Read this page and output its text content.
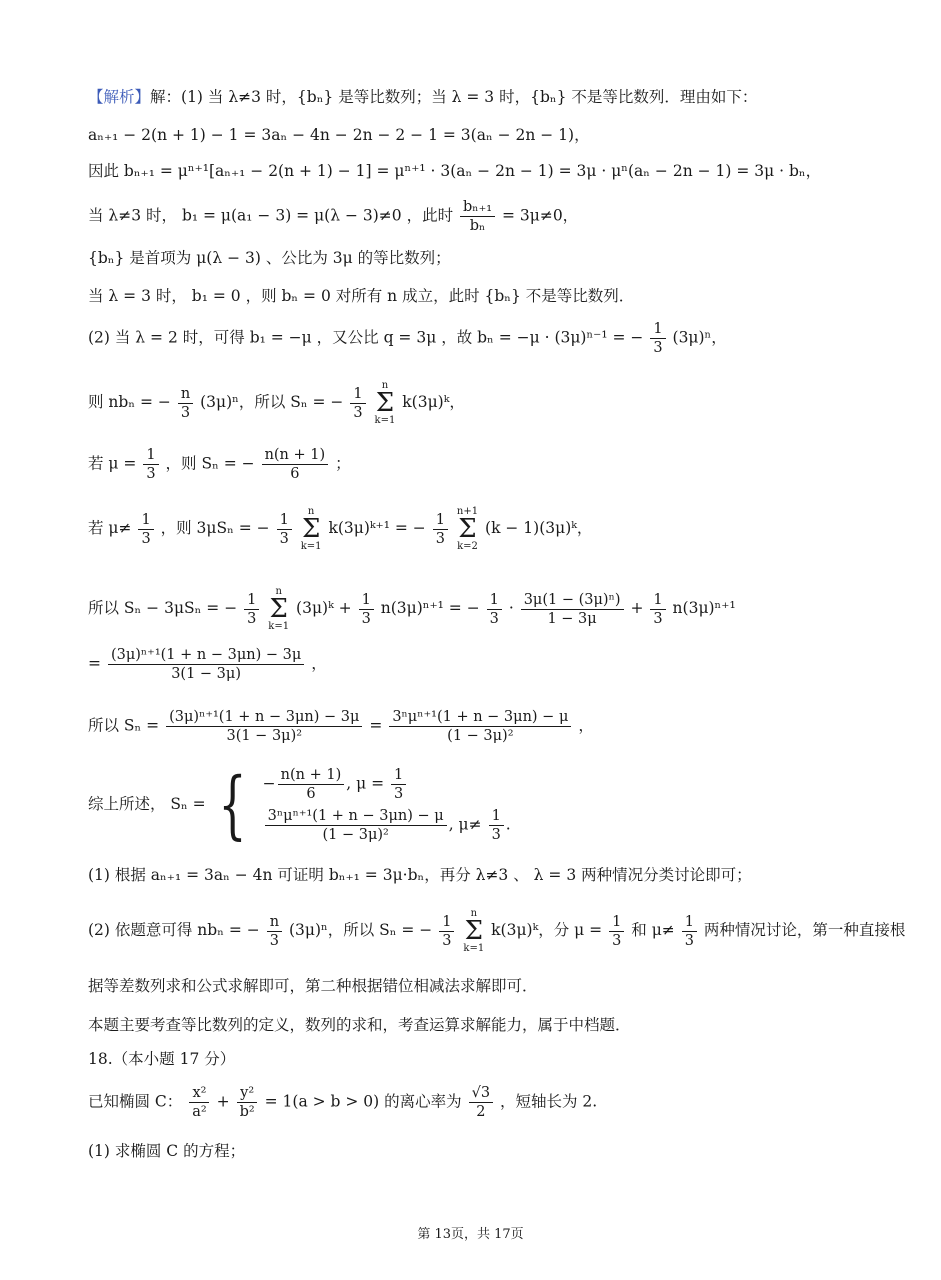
【解析】解：(1) 当 λ≠3 时，{bₙ} 是等比数列；当 λ = 3 时，{bₙ} 不是等比数列．理由如下：
aₙ₊₁ − 2(n + 1) − 1 = 3aₙ − 4n − 2n − 2 − 1 = 3(aₙ − 2n − 1)，
因此 bₙ₊₁ = μⁿ⁺¹[aₙ₊₁ − 2(n + 1) − 1] = μⁿ⁺¹ · 3(aₙ − 2n − 1) = 3μ · μⁿ(aₙ − 2n − 1) = 3μ · bₙ，
当 λ≠3 时， b₁ = μ(a₁ − 3) = μ(λ − 3)≠0 ，此时 $\frac{\text{bₙ₊₁}}{\text{bₙ}} = 3\mu\ne 0$，
{bₙ} 是首项为 μ(λ − 3) 、公比为 3μ 的等比数列；
当 λ = 3 时， b₁ = 0 ，则 bₙ = 0 对所有 n 成立，此时 {bₙ} 不是等比数列．
(2) 当 λ = 2 时，可得 b₁ = −μ ，又公比 q = 3μ ，故 bₙ = −μ · (3μ)ⁿ⁻¹ = − $\frac{1}{3} (3\mu)^n$，
则 nbₙ = − $\frac{n}{3} (3\mu)^n$，所以 Sₙ = − $\frac{1}{3}$
n
Σ
k=1
k(3μ)ᵏ，
若 $\mu = \frac{1}{3}$ ，则 Sₙ = − $\frac{n(n + 1)}{6}$ ；
若 $\mu\ne \frac{1}{3}$ ，则 3μSₙ = − $\frac{1}{3}$
n
Σ
k=1
k(3μ)ᵏ⁺¹ = − $\frac{1}{3}$
n+1
Σ
k=2
(k − 1)(3μ)ᵏ，
所以 Sₙ − 3μSₙ = − $\frac{1}{3}$
n
Σ
k=1
(3μ)ᵏ + $\frac{1}{3} n(3\mu)^{n+1}$ = − $\frac{1}{3} \cdot \frac{\text{3μ(1 − (3μ)ⁿ)}}{1 - 3\mu} + \frac{1}{3} n(3\mu)^{n+1}$
= $\frac{\text{(3μ)ⁿ⁺¹(1 + n − 3μn) − 3μ}}{3(1 - 3\mu)}$ ，
所以 $S_n = \frac{\text{(3μ)ⁿ⁺¹(1 + n − 3μn) − 3μ}}{\text{3(1 − 3μ)²}} = \frac{\text{3ⁿμⁿ⁺¹(1 + n − 3μn) − μ}}{\text{(1 − 3μ)²}}$ ，
综上所述， Sₙ = { − $\frac{n(n + 1)}{6}$ , $\mu = \frac{1}{3}$
$\frac{\text{3ⁿμⁿ⁺¹(1 + n − 3μn) − μ}}{\text{(1 − 3μ)²}}$ , $\mu\ne \frac{1}{3}$ .
(1) 根据 aₙ₊₁ = 3aₙ − 4n 可证明 bₙ₊₁ = 3μ·bₙ，再分 λ≠3 、 λ = 3 两种情况分类讨论即可；
(2) 依题意可得 nbₙ = − $\frac{n}{3} (3\mu)^n$，所以 Sₙ = − $\frac{1}{3}$
n
Σ
k=1
k(3μ)ᵏ，分 $\mu = \frac{1}{3}$ 和 $\mu\ne \frac{1}{3}$ 两种情况讨论，第一种直接根
据等差数列求和公式求解即可，第二种根据错位相减法求解即可．
本题主要考查等比数列的定义，数列的求和，考查运算求解能力，属于中档题．
18.（本小题 17 分）
已知椭圆 C： $\frac{\text{x²}}{\text{a²}} + \frac{\text{y²}}{\text{b²}} = 1(a > b > 0)$ 的离心率为 $\frac{√3}{2}$ ，短轴长为 2.
(1) 求椭圆 C 的方程；
第 13页，共 17页
